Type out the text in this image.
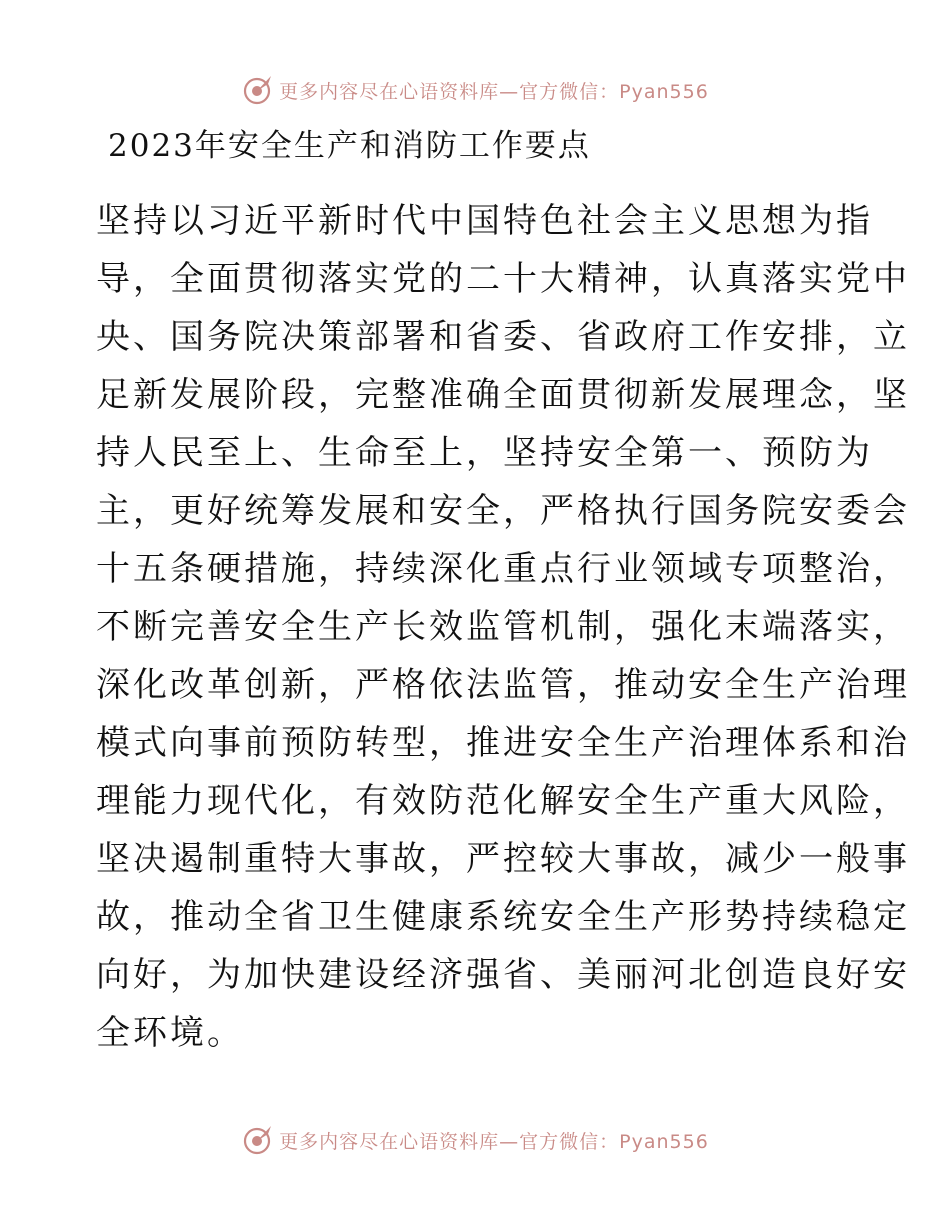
更多内容尽在心语资料库—官方微信：Pyan556
2023年安全生产和消防工作要点
坚持以习近平新时代中国特色社会主义思想为指
导，全面贯彻落实党的二十大精神，认真落实党中
央、国务院决策部署和省委、省政府工作安排，立
足新发展阶段，完整准确全面贯彻新发展理念，坚
持人民至上、生命至上，坚持安全第一、预防为
主，更好统筹发展和安全，严格执行国务院安委会
十五条硬措施，持续深化重点行业领域专项整治，
不断完善安全生产长效监管机制，强化末端落实，
深化改革创新，严格依法监管，推动安全生产治理
模式向事前预防转型，推进安全生产治理体系和治
理能力现代化，有效防范化解安全生产重大风险，
坚决遏制重特大事故，严控较大事故，减少一般事
故，推动全省卫生健康系统安全生产形势持续稳定
向好，为加快建设经济强省、美丽河北创造良好安
全环境。
更多内容尽在心语资料库—官方微信：Pyan556
